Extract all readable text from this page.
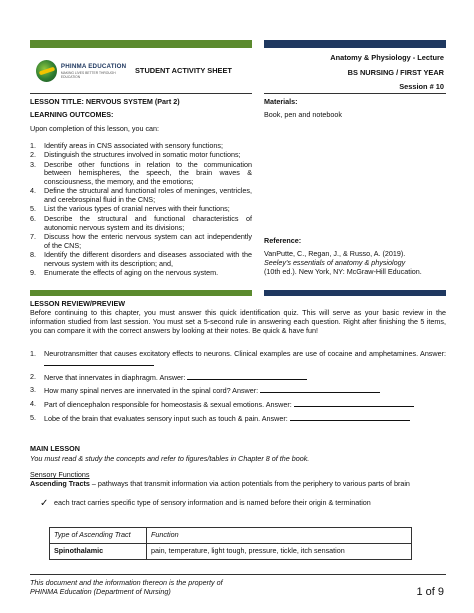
PHINMA EDUCATION
MAKING LIVES BETTER THROUGH EDUCATION
STUDENT ACTIVITY SHEET
Anatomy & Physiology - Lecture
BS NURSING / FIRST YEAR
Session # 10
LESSON TITLE: NERVOUS SYSTEM (Part 2)
LEARNING OUTCOMES:
Upon completion of this lesson, you can:
1.	Identify areas in CNS associated with sensory functions;
2.	Distinguish the structures involved in somatic motor functions;
3.	Describe other functions in relation to the communication between hemispheres, the speech, the brain waves & consciousness, the memory, and the emotions;
4.	Define the structural and functional roles of meninges, ventricles, and cerebrospinal fluid in the CNS;
5.	List the various types of cranial nerves with their functions;
6.	Describe the structural and functional characteristics of autonomic nervous system and its divisions;
7.	Discuss how the enteric nervous system can act independently of the CNS;
8.	Identify the different disorders and diseases associated with the nervous system with its description; and,
9.	Enumerate the effects of aging on the nervous system.
Materials:
Book, pen and notebook
Reference:
VanPutte, C., Regan, J., & Russo, A. (2019).
Seeley's essentials of anatomy & physiology
(10th ed.). New York, NY: McGraw-Hill Education.
LESSON REVIEW/PREVIEW
Before continuing to this chapter, you must answer this quick identification quiz. This will serve as your basic review in the information studied from last session. You must set a 5-second rule in answering each question. Right after finishing the 5 items, you can compare it with the correct answers by looking at their notes. Be quick & have fun!
1.	Neurotransmitter that causes excitatory effects to neurons. Clinical examples are use of cocaine and amphetamines. Answer:
2.	Nerve that innervates in diaphragm. Answer:
3.	How many spinal nerves are innervated in the spinal cord? Answer:
4.	Part of diencephalon responsible for homeostasis & sexual emotions. Answer:
5.	Lobe of the brain that evaluates sensory input such as touch & pain. Answer:
MAIN LESSON
You must read & study the concepts and refer to figures/tables in Chapter 8 of the book.
Sensory Functions
Ascending Tracts – pathways that transmit information via action potentials from the periphery to various parts of brain
✓ each tract carries specific type of sensory information and is named before their origin & termination
Type of Ascending Tract	Function
Spinothalamic	pain, temperature, light tough, pressure, tickle, itch sensation
This document and the information thereon is the property of
PHINMA Education (Department of Nursing)	1 of 9
